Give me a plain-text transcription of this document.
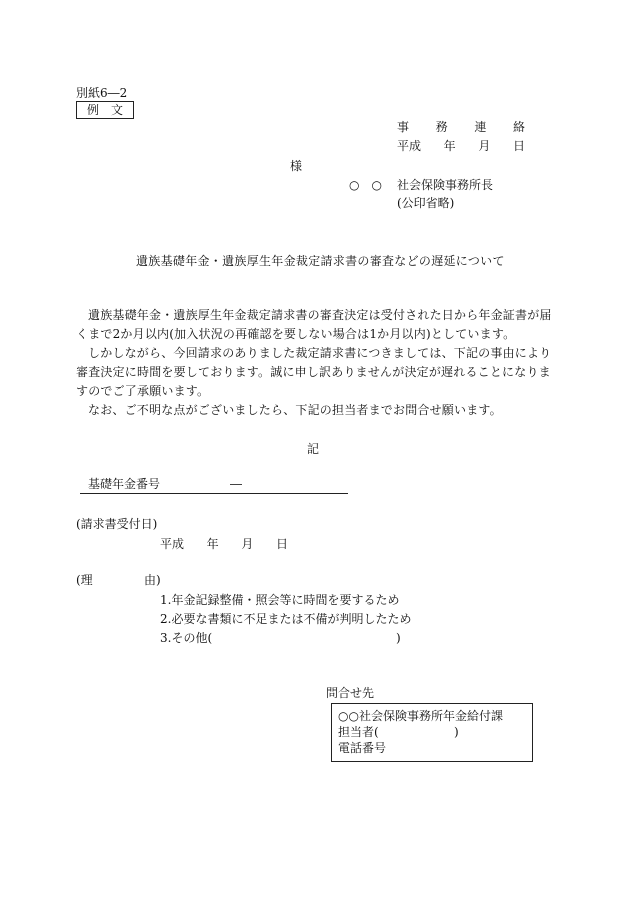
別紙6―2
例　文
事 務 連 絡
平成 年 月 日
様
○　○ 社会保険事務所長
(公印省略)
遺族基礎年金・遺族厚生年金裁定請求書の審査などの遅延について

遺族基礎年金・遺族厚生年金裁定請求書の審査決定は受付された日から年金証書が届くまで2か月以内(加入状況の再確認を要しない場合は1か月以内)としています。

しかしながら、今回請求のありました裁定請求書につきましては、下記の事由により審査決定に時間を要しております。誠に申し訳ありませんが決定が遅れることになりますのでご了承願います。

なお、ご不明な点がございましたら、下記の担当者までお問合せ願います。

記
基礎年金番号	―
(請求書受付日)
平成 年 月 日
(理	由)
1.年金記録整備・照会等に時間を要するため
2.必要な書類に不足または不備が判明したため
3.その他(	)
問合せ先
○○社会保険事務所年金給付課
担当者(	)
電話番号
